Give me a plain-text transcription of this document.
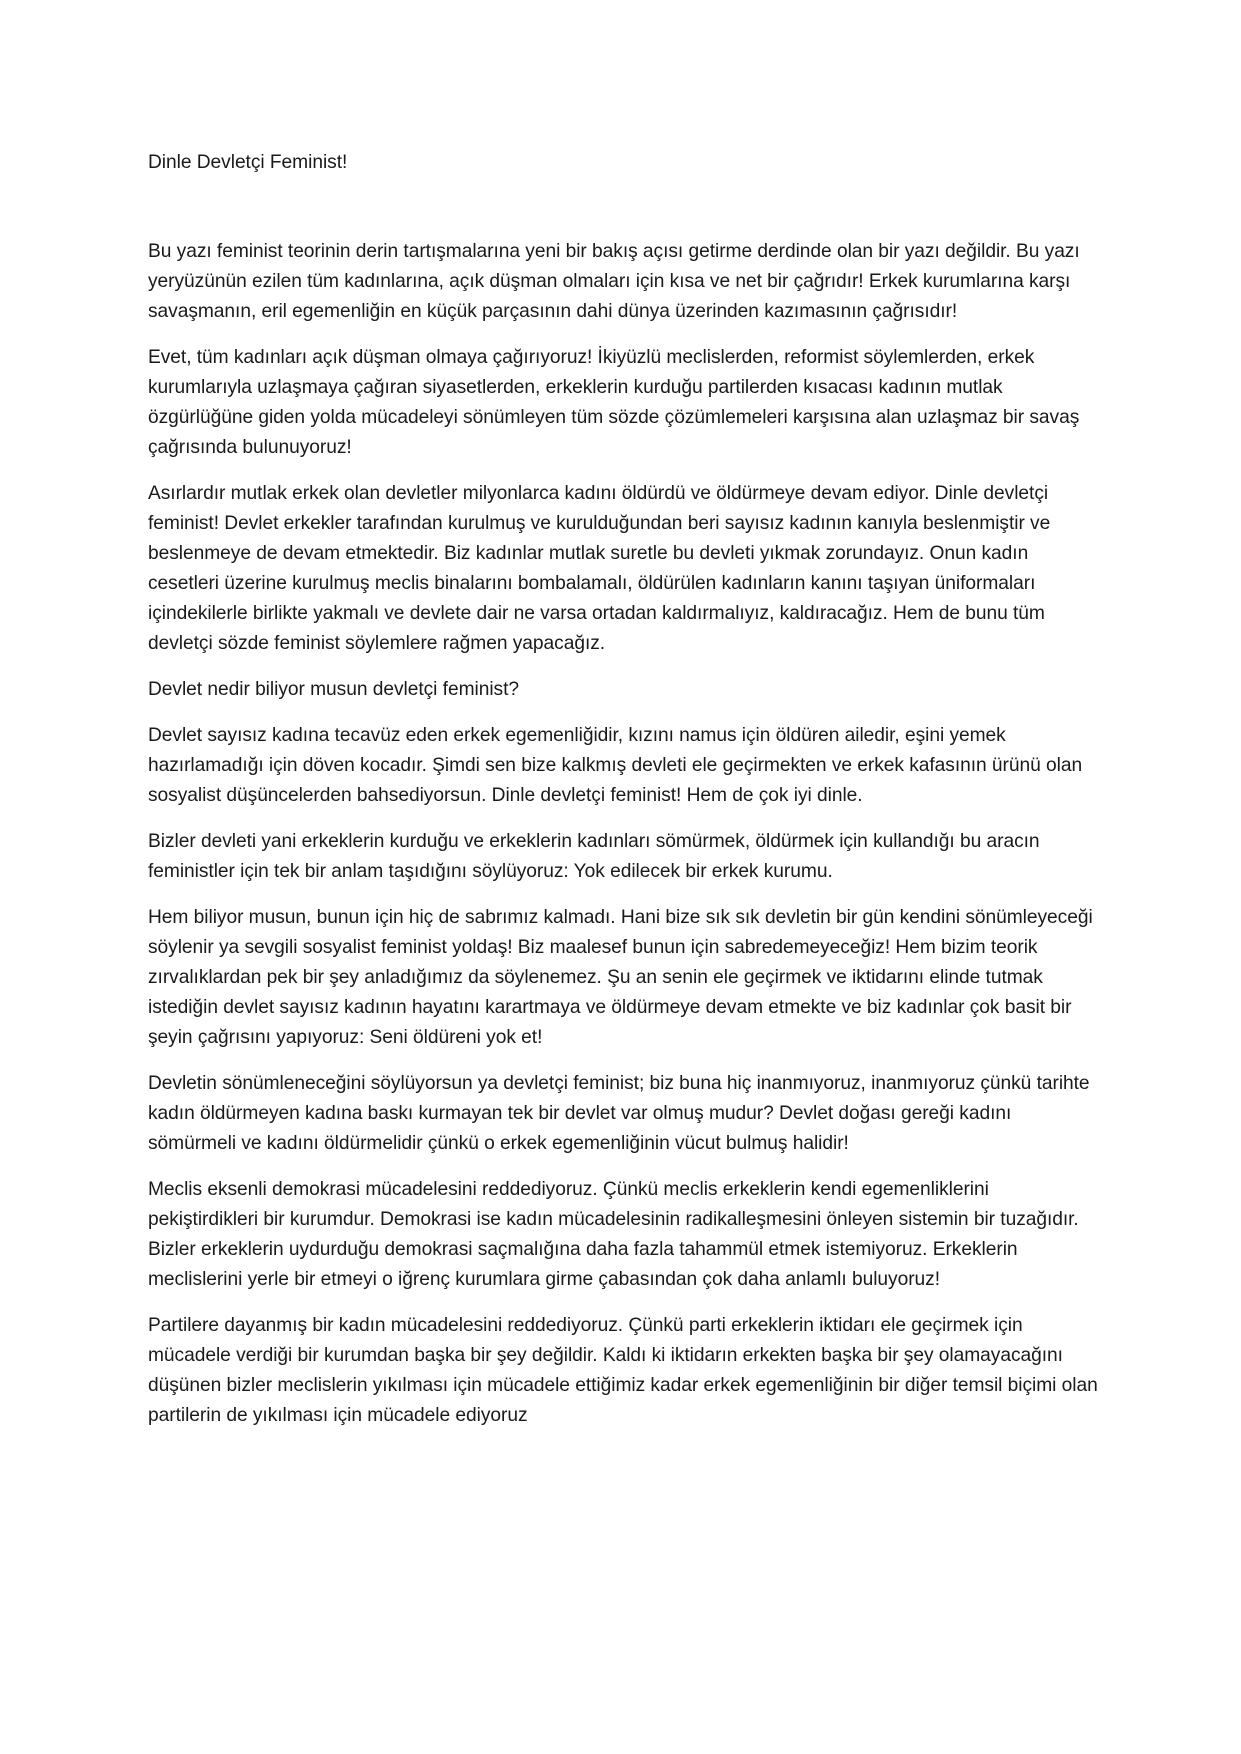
Dinle Devletçi Feminist!
Bu yazı feminist teorinin derin tartışmalarına yeni bir bakış açısı getirme derdinde olan bir yazı değildir. Bu yazı yeryüzünün ezilen tüm kadınlarına, açık düşman olmaları için kısa ve net bir çağrıdır! Erkek kurumlarına karşı savaşmanın, eril egemenliğin en küçük parçasının dahi dünya üzerinden kazımasının çağrısıdır!
Evet, tüm kadınları açık düşman olmaya çağırıyoruz! İkiyüzlü meclislerden, reformist söylemlerden, erkek kurumlarıyla uzlaşmaya çağıran siyasetlerden, erkeklerin kurduğu partilerden kısacası kadının mutlak özgürlüğüne giden yolda mücadeleyi sönümleyen tüm sözde çözümlemeleri karşısına alan uzlaşmaz bir savaş çağrısında bulunuyoruz!
Asırlardır mutlak erkek olan devletler milyonlarca kadını öldürdü ve öldürmeye devam ediyor. Dinle devletçi feminist! Devlet erkekler tarafından kurulmuş ve kurulduğundan beri sayısız kadının kanıyla beslenmiştir ve beslenmeye de devam etmektedir. Biz kadınlar mutlak suretle bu devleti yıkmak zorundayız. Onun kadın cesetleri üzerine kurulmuş meclis binalarını bombalamalı, öldürülen kadınların kanını taşıyan üniformaları içindekilerle birlikte yakmalı ve devlete dair ne varsa ortadan kaldırmalıyız, kaldıracağız. Hem de bunu tüm devletçi sözde feminist söylemlere rağmen yapacağız.
Devlet nedir biliyor musun devletçi feminist?
Devlet sayısız kadına tecavüz eden erkek egemenliğidir, kızını namus için öldüren ailedir, eşini yemek hazırlamadığı için döven kocadır. Şimdi sen bize kalkmış devleti ele geçirmekten ve erkek kafasının ürünü olan sosyalist düşüncelerden bahsediyorsun. Dinle devletçi feminist! Hem de çok iyi dinle.
Bizler devleti yani erkeklerin kurduğu ve erkeklerin kadınları sömürmek, öldürmek için kullandığı bu aracın feministler için tek bir anlam taşıdığını söylüyoruz: Yok edilecek bir erkek kurumu.
Hem biliyor musun, bunun için hiç de sabrımız kalmadı. Hani bize sık sık devletin bir gün kendini sönümleyeceği söylenir ya sevgili sosyalist feminist yoldaş! Biz maalesef bunun için sabredemeyeceğiz! Hem bizim teorik zırvalıklardan pek bir şey anladığımız da söylenemez. Şu an senin ele geçirmek ve iktidarını elinde tutmak istediğin devlet sayısız kadının hayatını karartmaya ve öldürmeye devam etmekte ve biz kadınlar çok basit bir şeyin çağrısını yapıyoruz: Seni öldüreni yok et!
Devletin sönümleneceğini söylüyorsun ya devletçi feminist; biz buna hiç inanmıyoruz, inanmıyoruz çünkü tarihte kadın öldürmeyen kadına baskı kurmayan tek bir devlet var olmuş mudur? Devlet doğası gereği kadını sömürmeli ve kadını öldürmelidir çünkü o erkek egemenliğinin vücut bulmuş halidir!
Meclis eksenli demokrasi mücadelesini reddediyoruz. Çünkü meclis erkeklerin kendi egemenliklerini pekiştirdikleri bir kurumdur. Demokrasi ise kadın mücadelesinin radikalleşmesini önleyen sistemin bir tuzağıdır. Bizler erkeklerin uydurduğu demokrasi saçmalığına daha fazla tahammül etmek istemiyoruz. Erkeklerin meclislerini yerle bir etmeyi o iğrenç kurumlara girme çabasından çok daha anlamlı buluyoruz!
Partilere dayanmış bir kadın mücadelesini reddediyoruz. Çünkü parti erkeklerin iktidarı ele geçirmek için mücadele verdiği bir kurumdan başka bir şey değildir. Kaldı ki iktidarın erkekten başka bir şey olamayacağını düşünen bizler meclislerin yıkılması için mücadele ettiğimiz kadar erkek egemenliğinin bir diğer temsil biçimi olan partilerin de yıkılması için mücadele ediyoruz
